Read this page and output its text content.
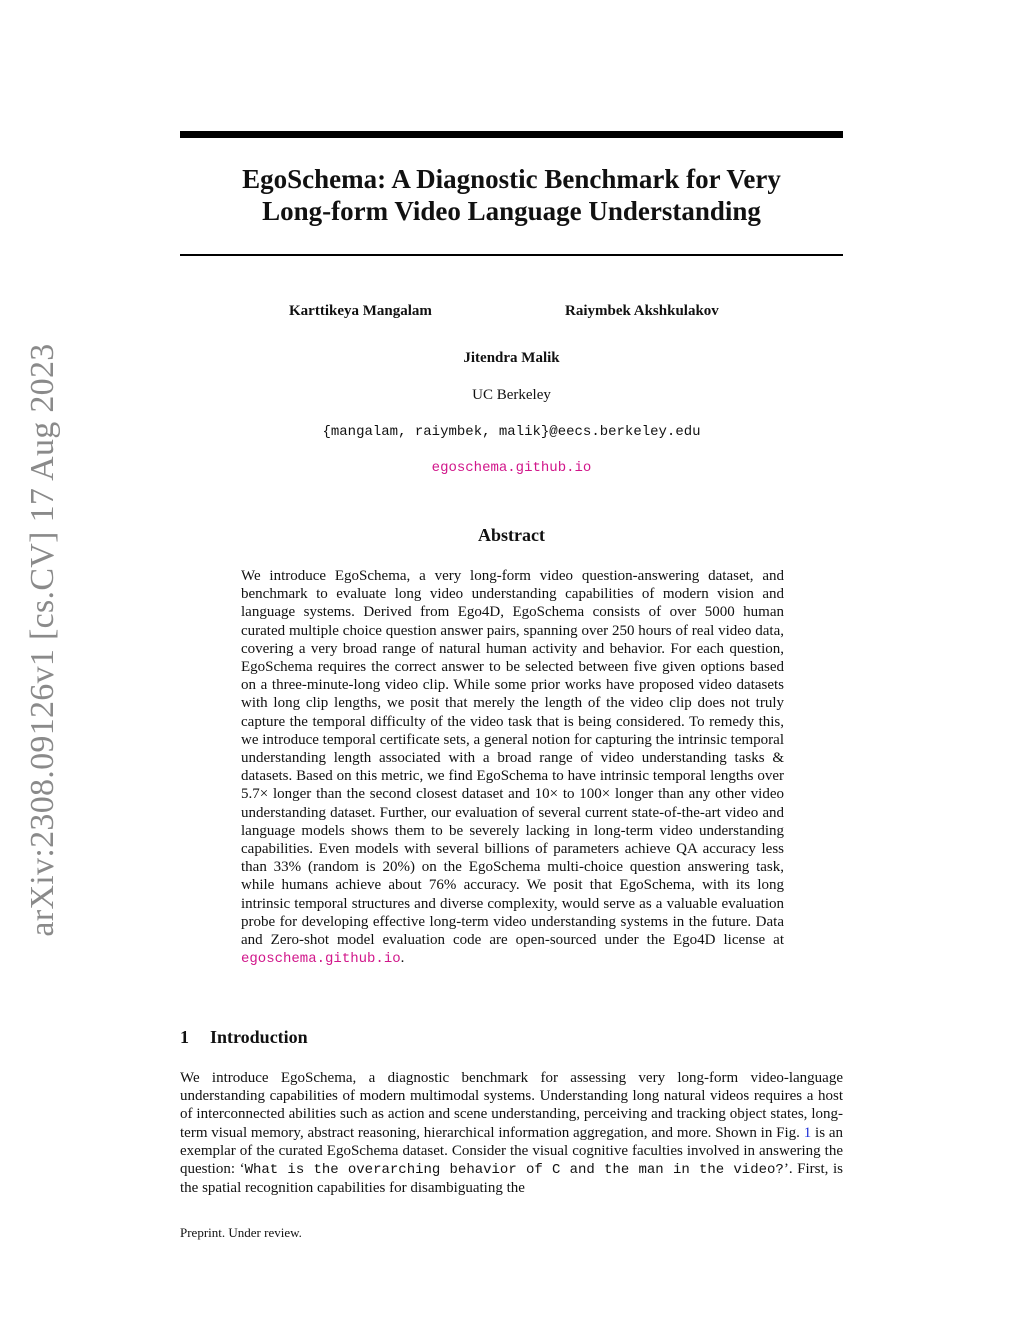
arXiv:2308.09126v1 [cs.CV] 17 Aug 2023
EgoSchema: A Diagnostic Benchmark for Very
Long-form Video Language Understanding
Karttikeya Mangalam	Raiymbek Akshkulakov
Jitendra Malik
UC Berkeley
{mangalam, raiymbek, malik}@eecs.berkeley.edu
egoschema.github.io
Abstract
We introduce EgoSchema, a very long-form video question-answering dataset, and benchmark to evaluate long video understanding capabilities of modern vision and language systems. Derived from Ego4D, EgoSchema consists of over 5000 human curated multiple choice question answer pairs, spanning over 250 hours of real video data, covering a very broad range of natural human activity and behavior. For each question, EgoSchema requires the correct answer to be selected between five given options based on a three-minute-long video clip. While some prior works have proposed video datasets with long clip lengths, we posit that merely the length of the video clip does not truly capture the temporal difficulty of the video task that is being considered. To remedy this, we introduce temporal certificate sets, a general notion for capturing the intrinsic temporal understanding length associated with a broad range of video understanding tasks & datasets. Based on this metric, we find EgoSchema to have intrinsic temporal lengths over 5.7× longer than the second closest dataset and 10× to 100× longer than any other video understanding dataset. Further, our evaluation of several current state-of-the-art video and language models shows them to be severely lacking in long-term video understanding capabilities. Even models with several billions of parameters achieve QA accuracy less than 33% (random is 20%) on the EgoSchema multi-choice question answering task, while humans achieve about 76% accuracy. We posit that EgoSchema, with its long intrinsic temporal structures and diverse complexity, would serve as a valuable evaluation probe for developing effective long-term video understanding systems in the future. Data and Zero-shot model evaluation code are open-sourced under the Ego4D license at egoschema.github.io.
1 Introduction
We introduce EgoSchema, a diagnostic benchmark for assessing very long-form video-language understanding capabilities of modern multimodal systems. Understanding long natural videos requires a host of interconnected abilities such as action and scene understanding, perceiving and tracking object states, long-term visual memory, abstract reasoning, hierarchical information aggregation, and more. Shown in Fig. 1 is an exemplar of the curated EgoSchema dataset. Consider the visual cognitive faculties involved in answering the question: ‘What is the overarching behavior of C and the man in the video?’. First, is the spatial recognition capabilities for disambiguating the
Preprint. Under review.
